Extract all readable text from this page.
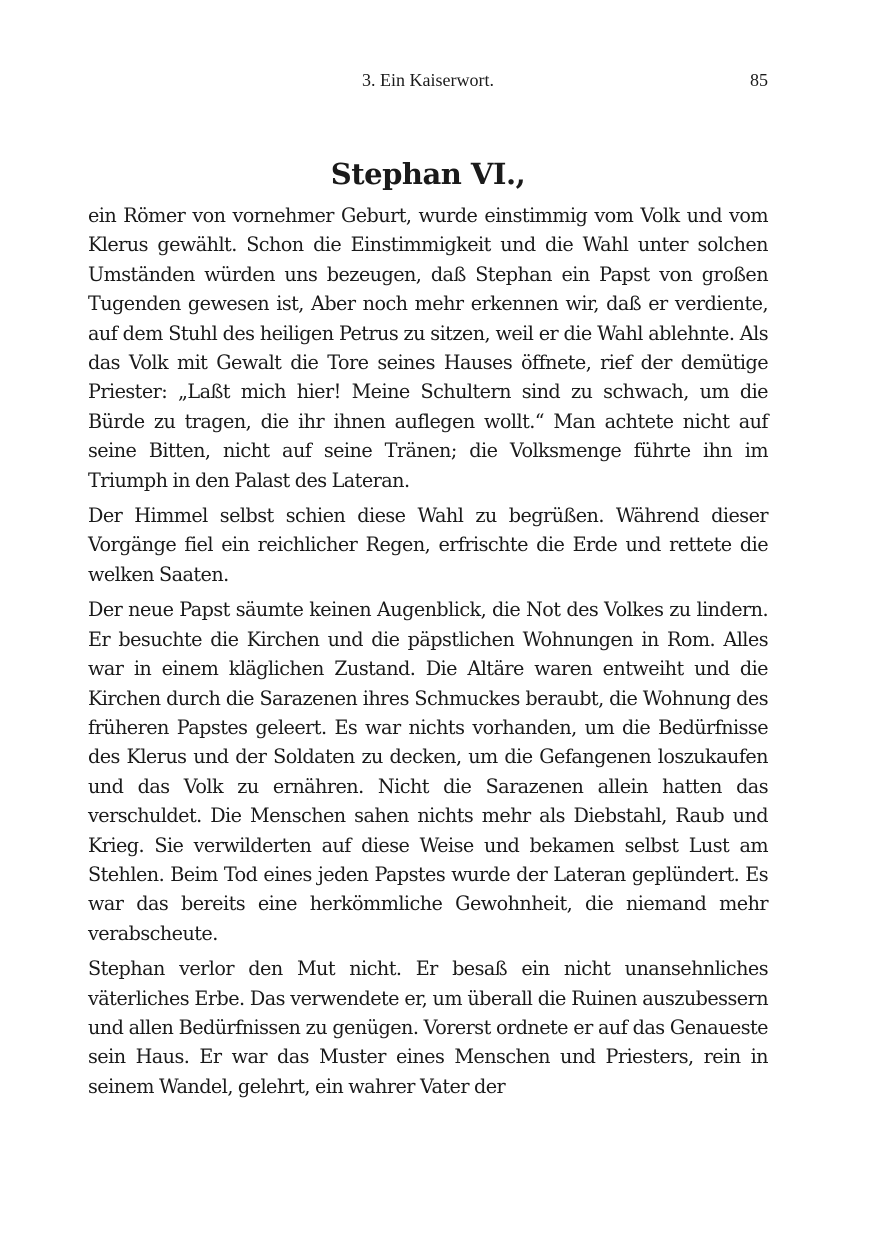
3. Ein Kaiserwort.	85
Stephan VI.,

ein Römer von vornehmer Geburt, wurde einstimmig vom Volk und vom Klerus gewählt. Schon die Einstimmigkeit und die Wahl unter solchen Umständen würden uns bezeugen, daß Stephan ein Papst von großen Tugenden gewesen ist, Aber noch mehr erkennen wir, daß er verdiente, auf dem Stuhl des heiligen Petrus zu sitzen, weil er die Wahl ablehnte. Als das Volk mit Gewalt die Tore seines Hauses öffnete, rief der demütige Priester: „Laßt mich hier! Meine Schultern sind zu schwach, um die Bürde zu tragen, die ihr ihnen auflegen wollt.“ Man achtete nicht auf seine Bitten, nicht auf seine Tränen; die Volksmenge führte ihn im Triumph in den Palast des Lateran.

Der Himmel selbst schien diese Wahl zu begrüßen. Während dieser Vorgänge fiel ein reichlicher Regen, erfrischte die Erde und rettete die welken Saaten.

Der neue Papst säumte keinen Augenblick, die Not des Volkes zu lindern. Er besuchte die Kirchen und die päpstlichen Wohnungen in Rom. Alles war in einem kläglichen Zustand. Die Altäre waren entweiht und die Kirchen durch die Sarazenen ihres Schmuckes beraubt, die Wohnung des früheren Papstes geleert. Es war nichts vorhanden, um die Bedürfnisse des Klerus und der Soldaten zu decken, um die Gefangenen loszukaufen und das Volk zu ernähren. Nicht die Sarazenen allein hatten das verschuldet. Die Menschen sahen nichts mehr als Diebstahl, Raub und Krieg. Sie verwilderten auf diese Weise und bekamen selbst Lust am Stehlen. Beim Tod eines jeden Papstes wurde der Lateran geplündert. Es war das bereits eine herkömmliche Gewohnheit, die niemand mehr verabscheute.

Stephan verlor den Mut nicht. Er besaß ein nicht unansehnliches väterliches Erbe. Das verwendete er, um überall die Ruinen auszubessern und allen Bedürfnissen zu genügen. Vorerst ordnete er auf das Genaueste sein Haus. Er war das Muster eines Menschen und Priesters, rein in seinem Wandel, gelehrt, ein wahrer Vater der
